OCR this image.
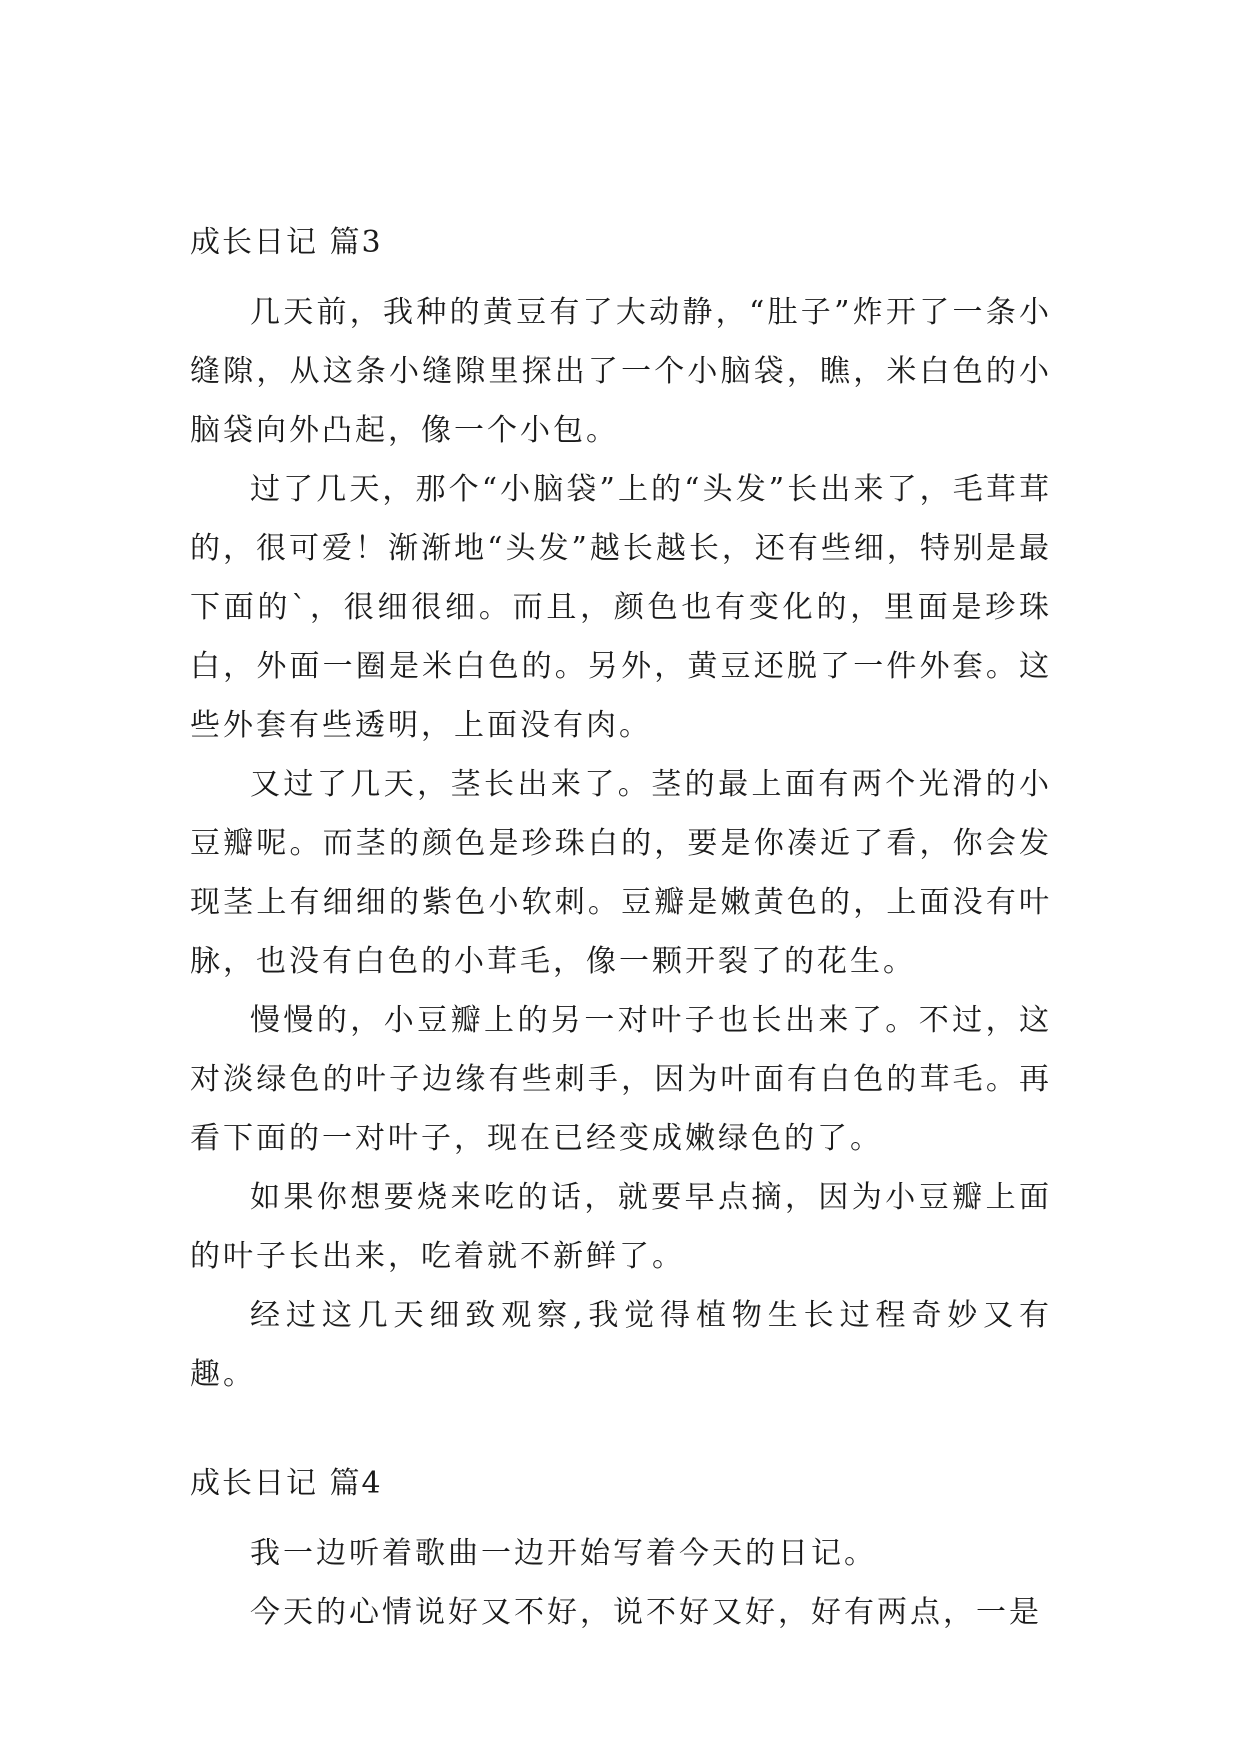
成长日记 篇3

几天前，我种的黄豆有了大动静，“肚子”炸开了一条小缝隙，从这条小缝隙里探出了一个小脑袋，瞧，米白色的小脑袋向外凸起，像一个小包。

过了几天，那个“小脑袋”上的“头发”长出来了，毛茸茸的，很可爱！渐渐地“头发”越长越长，还有些细，特别是最下面的`，很细很细。而且，颜色也有变化的，里面是珍珠白，外面一圈是米白色的。另外，黄豆还脱了一件外套。这些外套有些透明，上面没有肉。

又过了几天，茎长出来了。茎的最上面有两个光滑的小豆瓣呢。而茎的颜色是珍珠白的，要是你凑近了看，你会发现茎上有细细的紫色小软刺。豆瓣是嫩黄色的，上面没有叶脉，也没有白色的小茸毛，像一颗开裂了的花生。

慢慢的，小豆瓣上的另一对叶子也长出来了。不过，这对淡绿色的叶子边缘有些刺手，因为叶面有白色的茸毛。再看下面的一对叶子，现在已经变成嫩绿色的了。

如果你想要烧来吃的话，就要早点摘，因为小豆瓣上面的叶子长出来，吃着就不新鲜了。

经过这几天细致观察,我觉得植物生长过程奇妙又有趣。

成长日记 篇4

我一边听着歌曲一边开始写着今天的日记。

今天的心情说好又不好，说不好又好，好有两点，一是
